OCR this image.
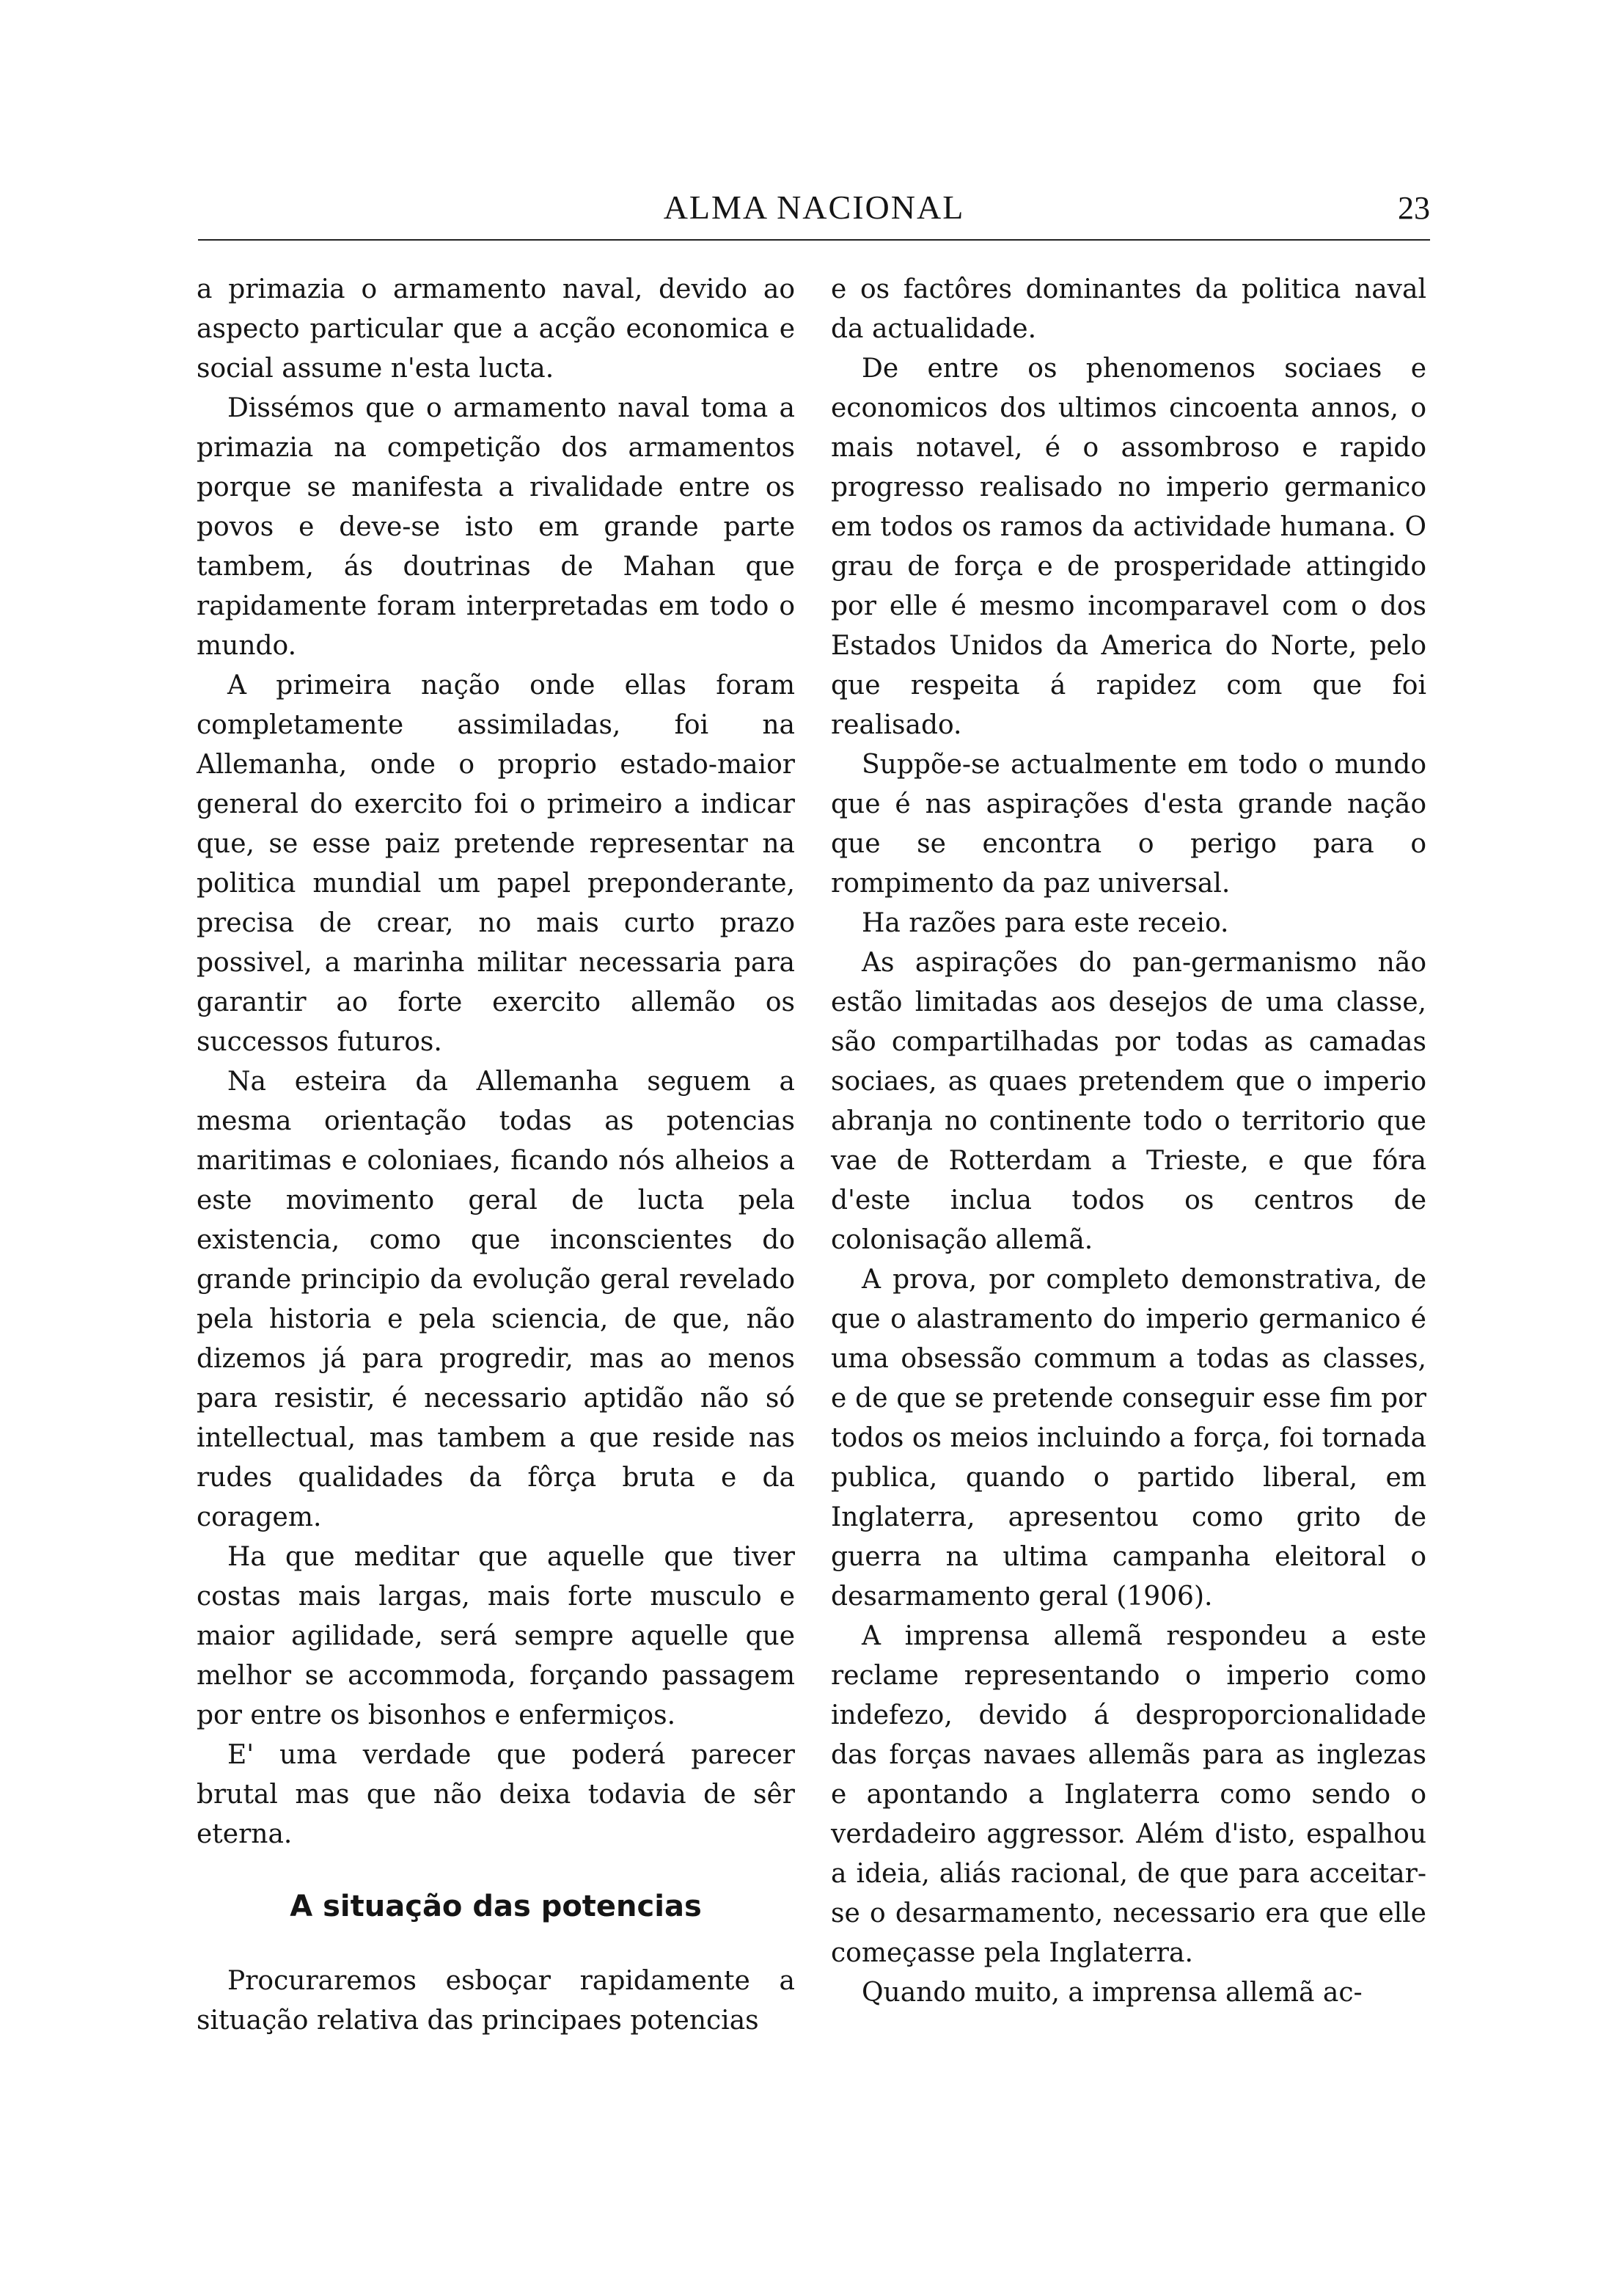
ALMA NACIONAL	23

a primazia o armamento naval, devido ao aspecto particular que a acção economica e social assume n'esta lucta.

Dissémos que o armamento naval toma a primazia na competição dos armamentos porque se manifesta a rivalidade entre os povos e deve-se isto em grande parte tambem, ás doutrinas de Mahan que rapidamente foram interpretadas em todo o mundo.

A primeira nação onde ellas foram completamente assimiladas, foi na Allemanha, onde o proprio estado-maior general do exercito foi o primeiro a indicar que, se esse paiz pretende representar na politica mundial um papel preponderante, precisa de crear, no mais curto prazo possivel, a marinha militar necessaria para garantir ao forte exercito allemão os successos futuros.

Na esteira da Allemanha seguem a mesma orientação todas as potencias maritimas e coloniaes, ficando nós alheios a este movimento geral de lucta pela existencia, como que inconscientes do grande principio da evolução geral revelado pela historia e pela sciencia, de que, não dizemos já para progredir, mas ao menos para resistir, é necessario aptidão não só intellectual, mas tambem a que reside nas rudes qualidades da fôrça bruta e da coragem.

Ha que meditar que aquelle que tiver costas mais largas, mais forte musculo e maior agilidade, será sempre aquelle que melhor se accommoda, forçando passagem por entre os bisonhos e enfermiços.

E' uma verdade que poderá parecer brutal mas que não deixa todavia de sêr eterna.

A situação das potencias

Procuraremos esboçar rapidamente a situação relativa das principaes potencias

e os factôres dominantes da politica naval da actualidade.

De entre os phenomenos sociaes e economicos dos ultimos cincoenta annos, o mais notavel, é o assombroso e rapido progresso realisado no imperio germanico em todos os ramos da actividade humana. O grau de força e de prosperidade attingido por elle é mesmo incomparavel com o dos Estados Unidos da America do Norte, pelo que respeita á rapidez com que foi realisado.

Suppõe-se actualmente em todo o mundo que é nas aspirações d'esta grande nação que se encontra o perigo para o rompimento da paz universal.

Ha razões para este receio.

As aspirações do pan-germanismo não estão limitadas aos desejos de uma classe, são compartilhadas por todas as camadas sociaes, as quaes pretendem que o imperio abranja no continente todo o territorio que vae de Rotterdam a Trieste, e que fóra d'este inclua todos os centros de colonisação allemã.

A prova, por completo demonstrativa, de que o alastramento do imperio germanico é uma obsessão commum a todas as classes, e de que se pretende conseguir esse fim por todos os meios incluindo a força, foi tornada publica, quando o partido liberal, em Inglaterra, apresentou como grito de guerra na ultima campanha eleitoral o desarmamento geral (1906).

A imprensa allemã respondeu a este reclame representando o imperio como indefezo, devido á desproporcionalidade das forças navaes allemãs para as inglezas e apontando a Inglaterra como sendo o verdadeiro aggressor. Além d'isto, espalhou a ideia, aliás racional, de que para acceitar-se o desarmamento, necessario era que elle começasse pela Inglaterra.

Quando muito, a imprensa allemã ac-
